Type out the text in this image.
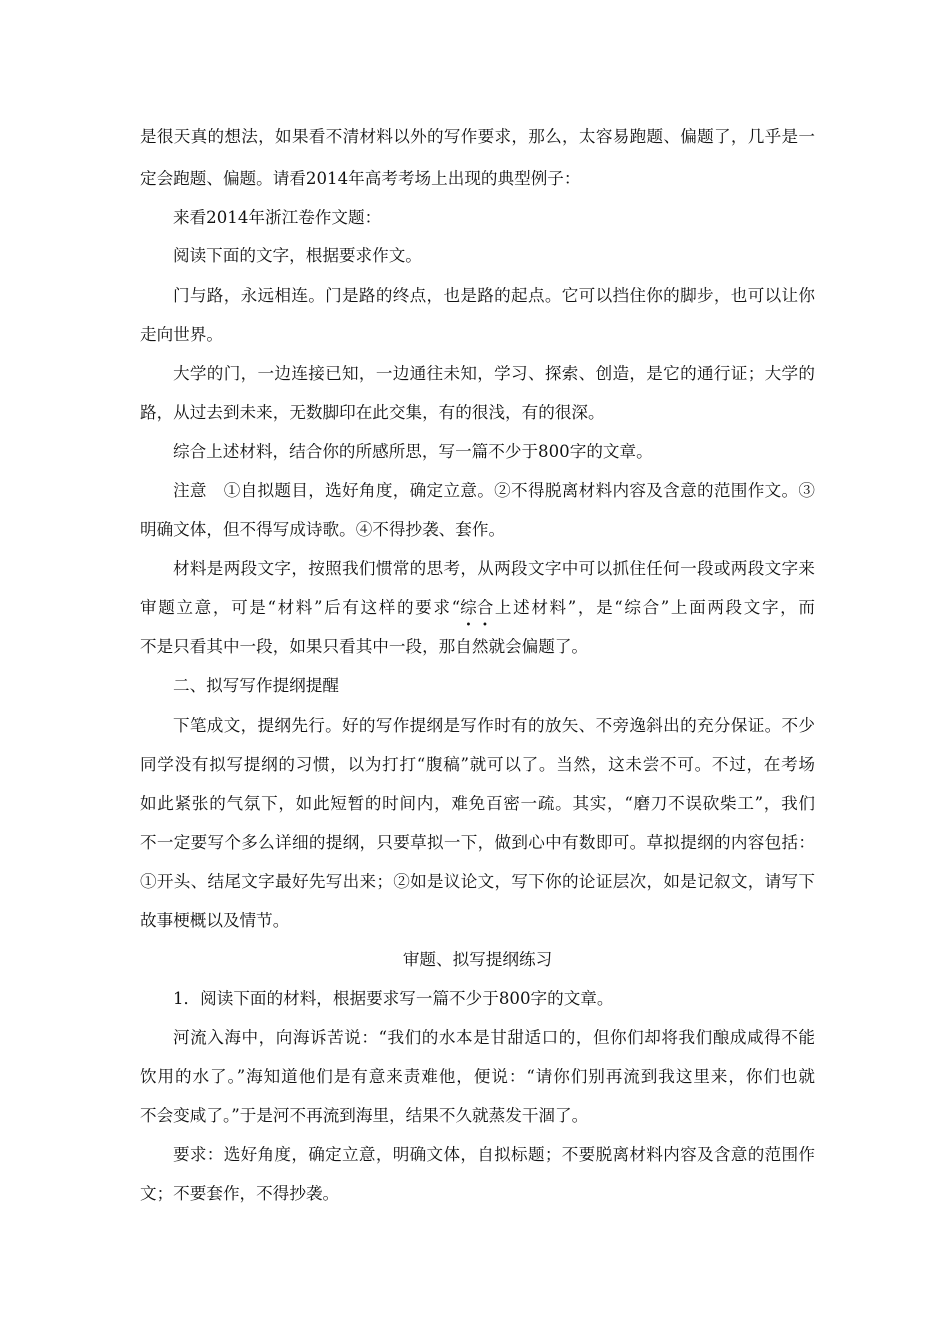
是很天真的想法，如果看不清材料以外的写作要求，那么，太容易跑题、偏题了，几乎是一
定会跑题、偏题。请看2014年高考考场上出现的典型例子：
来看2014年浙江卷作文题：
阅读下面的文字，根据要求作文。
门与路，永远相连。门是路的终点，也是路的起点。它可以挡住你的脚步，也可以让你
走向世界。
大学的门，一边连接已知，一边通往未知，学习、探索、创造，是它的通行证；大学的
路，从过去到未来，无数脚印在此交集，有的很浅，有的很深。
综合上述材料，结合你的所感所思，写一篇不少于800字的文章。
注意　①自拟题目，选好角度，确定立意。②不得脱离材料内容及含意的范围作文。③
明确文体，但不得写成诗歌。④不得抄袭、套作。
材料是两段文字，按照我们惯常的思考，从两段文字中可以抓住任何一段或两段文字来
审题立意，可是“材料”后有这样的要求“综合上述材料”，是“综合”上面两段文字，而
不是只看其中一段，如果只看其中一段，那自然就会偏题了。
二、拟写写作提纲提醒
下笔成文，提纲先行。好的写作提纲是写作时有的放矢、不旁逸斜出的充分保证。不少
同学没有拟写提纲的习惯，以为打打“腹稿”就可以了。当然，这未尝不可。不过，在考场
如此紧张的气氛下，如此短暂的时间内，难免百密一疏。其实，“磨刀不误砍柴工”，我们
不一定要写个多么详细的提纲，只要草拟一下，做到心中有数即可。草拟提纲的内容包括：
①开头、结尾文字最好先写出来；②如是议论文，写下你的论证层次，如是记叙文，请写下
故事梗概以及情节。
审题、拟写提纲练习
1．阅读下面的材料，根据要求写一篇不少于800字的文章。
河流入海中，向海诉苦说：“我们的水本是甘甜适口的，但你们却将我们酿成咸得不能
饮用的水了。”海知道他们是有意来责难他，便说：“请你们别再流到我这里来，你们也就
不会变咸了。”于是河不再流到海里，结果不久就蒸发干涸了。
要求：选好角度，确定立意，明确文体，自拟标题；不要脱离材料内容及含意的范围作
文；不要套作，不得抄袭。
